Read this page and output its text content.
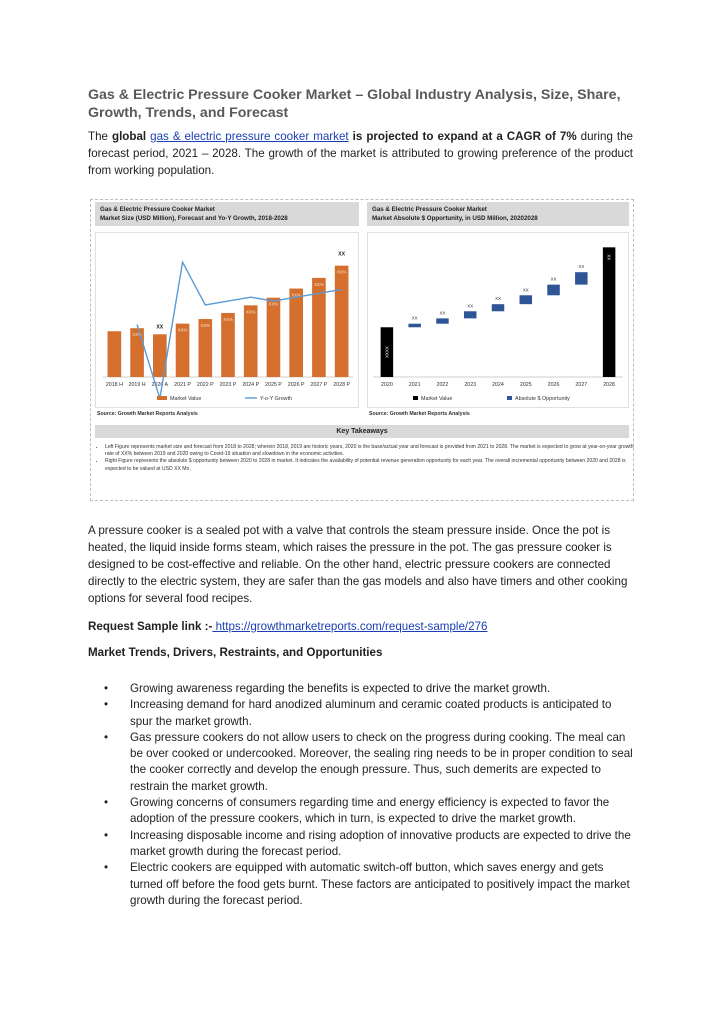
Gas & Electric Pressure Cooker Market – Global Industry Analysis, Size, Share, Growth, Trends, and Forecast
The global gas & electric pressure cooker market is projected to expand at a CAGR of 7% during the forecast period, 2021 – 2028. The growth of the market is attributed to growing preference of the product from working population.
Gas & Electric Pressure Cooker Market
Market Size (USD Million), Forecast and Yo-Y Growth, 2018-2028
Gas & Electric Pressure Cooker Market
Market Absolute $ Opportunity, in USD Million, 20202028
2018 H 2019 H
XX%
2020 A
XX
2021 P
XX%
2022 P
XX%
2023 P
XX%
2024 P
XX%
2025 P
XX%
2026 P
XX%
2027 P
XX%
2028 P
XX%
XX
Market Value	Y-o-Y Growth
2020
XXXX
2021
XX
2022
XX
2023
XX
2024
XX
2025
XX
2026
XX
2027
XX
2028
XX
Market Value	Absolute $ Opportunity
Source: Growth Market Reports Analysis	Source: Growth Market Reports Analysis
Key Takeaways
• Left Figure represents market size and forecast from 2018 to 2028; wherein 2018, 2019 are historic years, 2020 is the base/actual year and forecast is provided from 2021 to 2028. The market is expected to grow at year-on-year growth rate of XX% between 2019 and 2020 owing to Covid-19 situation and slowdown in the economic activities.
• Right Figure represents the absolute $ opportunity between 2020 to 2028 in market. It indicates the availability of potential revenue generation opportunity for each year. The overall incremental opportunity between 2020 and 2028 is expected to be valued at USD XX Mn.
A pressure cooker is a sealed pot with a valve that controls the steam pressure inside. Once the pot is heated, the liquid inside forms steam, which raises the pressure in the pot. The gas pressure cooker is designed to be cost-effective and reliable. On the other hand, electric pressure cookers are connected directly to the electric system, they are safer than the gas models and also have timers and other cooking options for several food recipes.
Request Sample link :- https://growthmarketreports.com/request-sample/276
Market Trends, Drivers, Restraints, and Opportunities
• Growing awareness regarding the benefits is expected to drive the market growth.
• Increasing demand for hard anodized aluminum and ceramic coated products is anticipated to spur the market growth.
• Gas pressure cookers do not allow users to check on the progress during cooking. The meal can be over cooked or undercooked. Moreover, the sealing ring needs to be in proper condition to seal the cooker correctly and develop the enough pressure. Thus, such demerits are expected to restrain the market growth.
• Growing concerns of consumers regarding time and energy efficiency is expected to favor the adoption of the pressure cookers, which in turn, is expected to drive the market growth.
• Increasing disposable income and rising adoption of innovative products are expected to drive the market growth during the forecast period.
• Electric cookers are equipped with automatic switch-off button, which saves energy and gets turned off before the food gets burnt. These factors are anticipated to positively impact the market growth during the forecast period.
